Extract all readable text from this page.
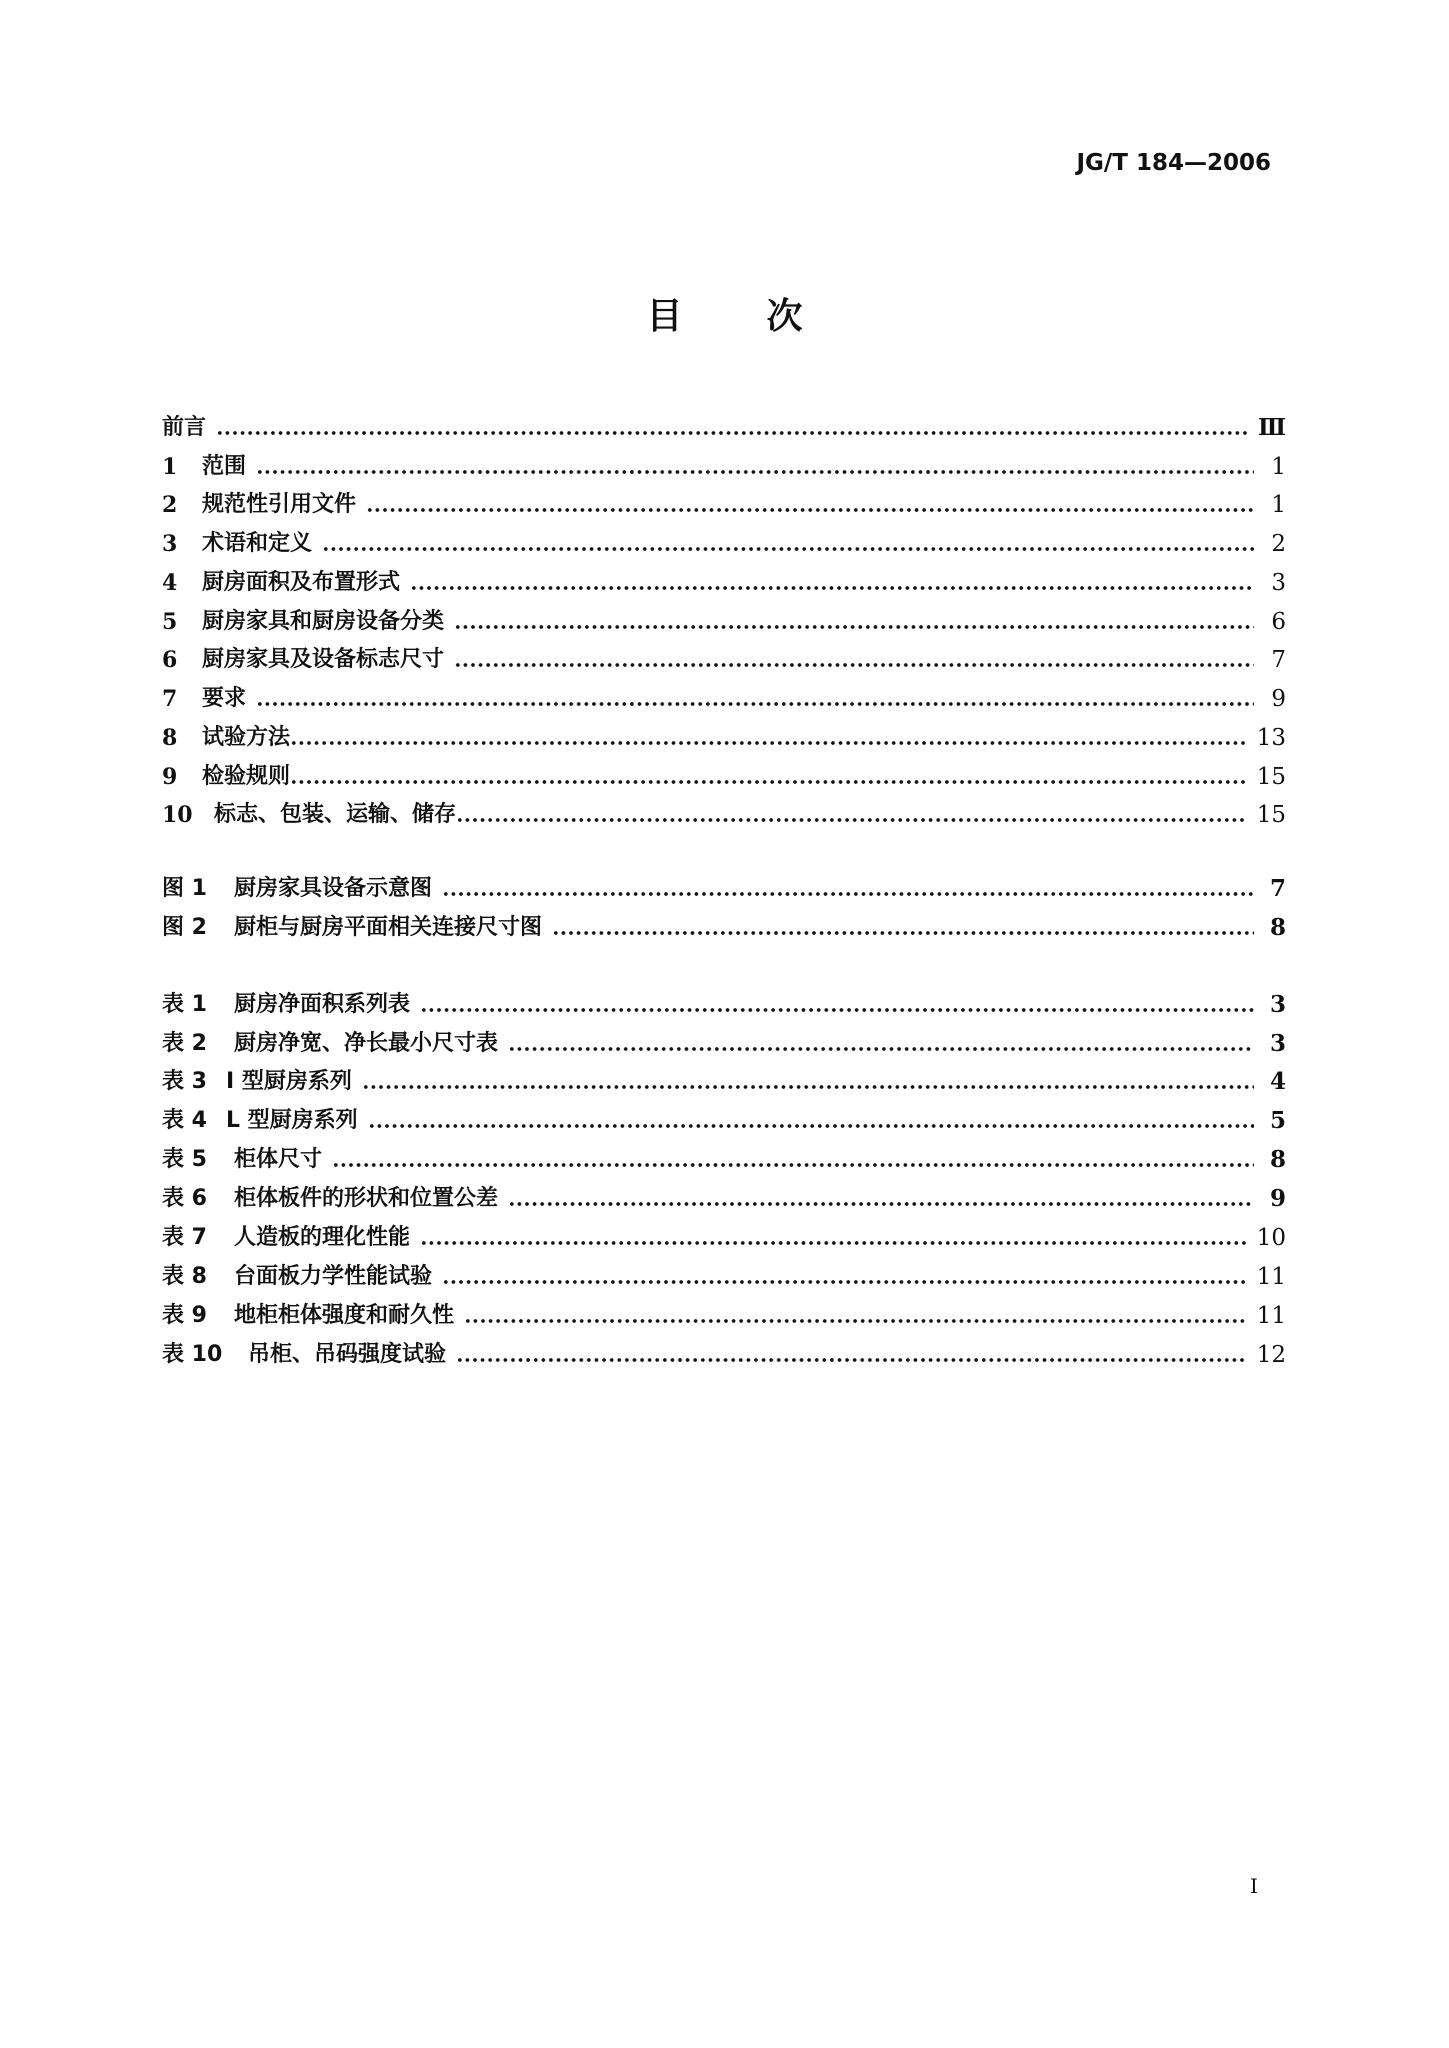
JG/T 184—2006
目 次
前言	Ⅲ
1	范围	1
2	规范性引用文件	1
3	术语和定义	2
4	厨房面积及布置形式	3
5	厨房家具和厨房设备分类	6
6	厨房家具及设备标志尺寸	7
7	要求	9
8	试验方法	13
9	检验规则	15
10 标志、包装、运输、储存	15
图 1	厨房家具设备示意图	7
图 2	厨柜与厨房平面相关连接尺寸图	8
表 1	厨房净面积系列表	3
表 2	厨房净宽、净长最小尺寸表	3
表 3 I 型厨房系列	4
表 4 L 型厨房系列	5
表 5	柜体尺寸	8
表 6	柜体板件的形状和位置公差	9
表 7	人造板的理化性能	10
表 8	台面板力学性能试验	11
表 9	地柜柜体强度和耐久性	11
表 10	吊柜、吊码强度试验	12
I
